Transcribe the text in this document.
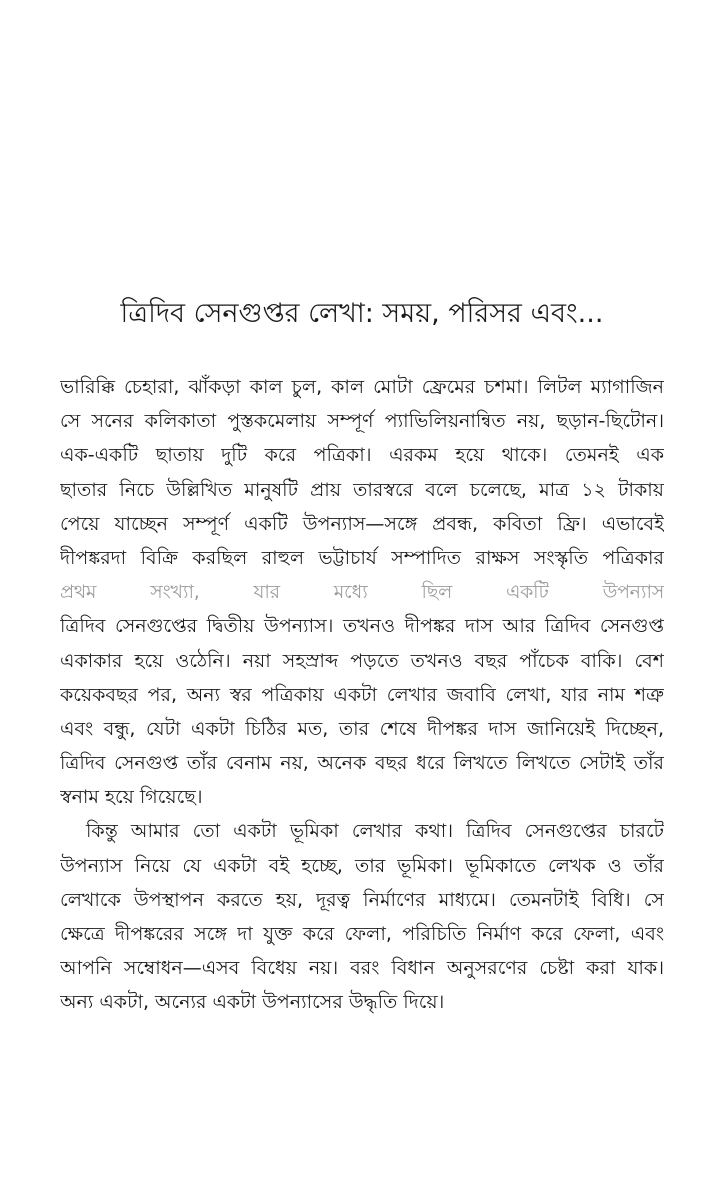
ত্রিদিব সেনগুপ্তর লেখা: সময়, পরিসর এবং...
ভারিক্কি চেহারা, ঝাঁকড়া কাল চুল, কাল মোটা ফ্রেমের চশমা। লিটল ম্যাগাজিন
সে সনের কলিকাতা পুস্তকমেলায় সম্পূর্ণ প্যাভিলিয়নান্বিত নয়, ছড়ান-ছিটোন।
এক-একটি ছাতায় দুটি করে পত্রিকা। এরকম হয়ে থাকে। তেমনই এক
ছাতার নিচে উল্লিখিত মানুষটি প্রায় তারস্বরে বলে চলেছে, মাত্র ১২ টাকায়
পেয়ে যাচ্ছেন সম্পূর্ণ একটি উপন্যাস—সঙ্গে প্রবন্ধ, কবিতা ফ্রি। এভাবেই
দীপঙ্করদা বিক্রি করছিল রাহুল ভট্টাচার্য সম্পাদিত রাক্ষস সংস্কৃতি পত্রিকার
প্রথম সংখ্যা, যার মধ্যে ছিল একটি উপন্যাস
ত্রিদিব সেনগুপ্তের দ্বিতীয় উপন্যাস। তখনও দীপঙ্কর দাস আর ত্রিদিব সেনগুপ্ত
একাকার হয়ে ওঠেনি। নয়া সহস্রাব্দ পড়তে তখনও বছর পাঁচেক বাকি। বেশ
কয়েকবছর পর, অন্য স্বর পত্রিকায় একটা লেখার জবাবি লেখা, যার নাম শত্রু
এবং বন্ধু, যেটা একটা চিঠির মত, তার শেষে দীপঙ্কর দাস জানিয়েই দিচ্ছেন,
ত্রিদিব সেনগুপ্ত তাঁর বেনাম নয়, অনেক বছর ধরে লিখতে লিখতে সেটাই তাঁর
স্বনাম হয়ে গিয়েছে।
কিন্তু আমার তো একটা ভূমিকা লেখার কথা। ত্রিদিব সেনগুপ্তের চারটে
উপন্যাস নিয়ে যে একটা বই হচ্ছে, তার ভূমিকা। ভূমিকাতে লেখক ও তাঁর
লেখাকে উপস্থাপন করতে হয়, দূরত্ব নির্মাণের মাধ্যমে। তেমনটাই বিধি। সে
ক্ষেত্রে দীপঙ্করের সঙ্গে দা যুক্ত করে ফেলা, পরিচিতি নির্মাণ করে ফেলা, এবং
আপনি সম্বোধন—এসব বিধেয় নয়। বরং বিধান অনুসরণের চেষ্টা করা যাক।
অন্য একটা, অন্যের একটা উপন্যাসের উদ্ধৃতি দিয়ে।
